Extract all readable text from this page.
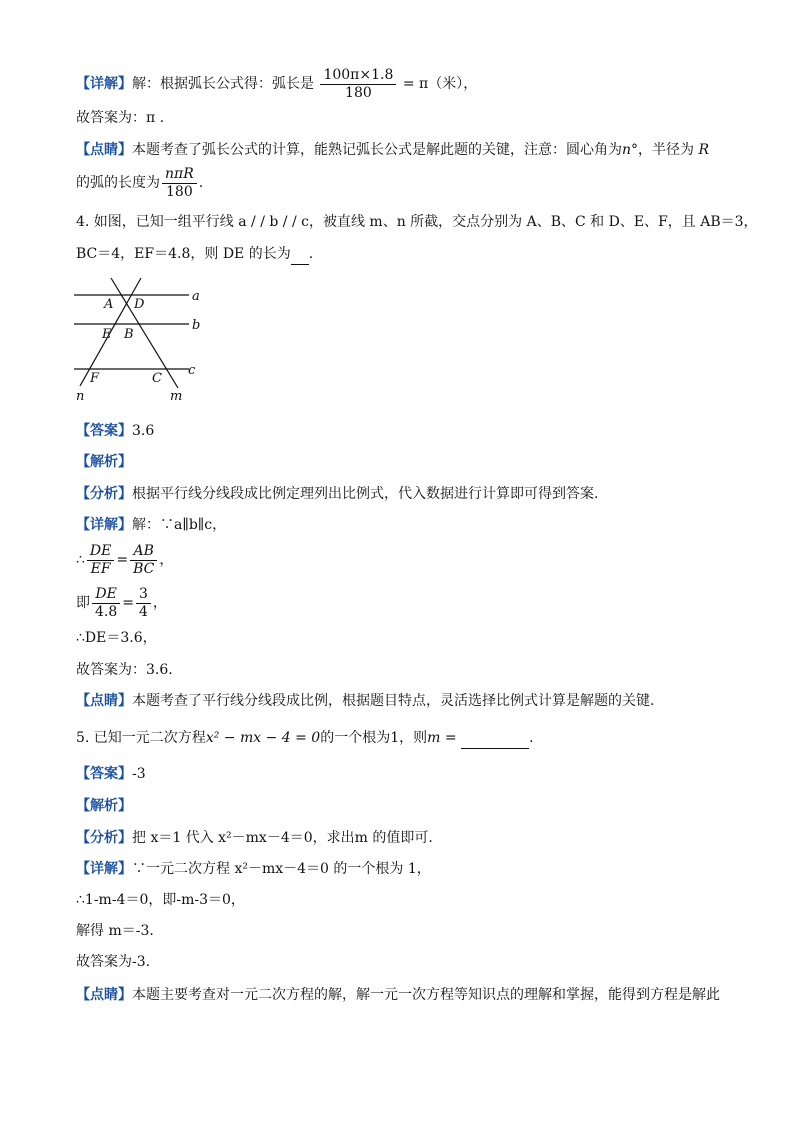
【详解】解：根据弧长公式得：弧长是 $\frac{100\pi\times 1.8}{180} = \pi$（米），
故答案为：π .
【点睛】本题考查了弧长公式的计算，能熟记弧长公式是解此题的关键，注意：圆心角为n°，半径为 R
的弧的长度为 $\frac{\text{nπR}}{180}$ .
4. 如图，已知一组平行线 a / / b / / c，被直线 m、n 所截，交点分别为 A、B、C 和 D、E、F，且 AB＝3，
BC＝4，EF＝4.8，则 DE 的长为 .
a
b
c
A D
E B
F	C
n	m
【答案】3.6
【解析】
【分析】根据平行线分线段成比例定理列出比例式，代入数据进行计算即可得到答案.
【详解】解：∵a∥b∥c，
∴ $\frac{DE}{EF} = \frac{AB}{BC}$ ，
即 $\frac{DE}{4.8} = \frac{3}{4}$ ，
∴DE＝3.6，
故答案为：3.6.
【点睛】本题考查了平行线分线段成比例，根据题目特点，灵活选择比例式计算是解题的关键.
5. 已知一元二次方程x² − mx − 4 = 0的一个根为1，则m =	.
【答案】-3
【解析】
【分析】把 x＝1 代入 x²－mx－4＝0，求出m 的值即可.
【详解】∵一元二次方程 x²－mx－4＝0 的一个根为 1，
∴1-m-4＝0，即-m-3＝0，
解得 m＝-3.
故答案为-3.
【点睛】本题主要考查对一元二次方程的解，解一元一次方程等知识点的理解和掌握，能得到方程是解此
